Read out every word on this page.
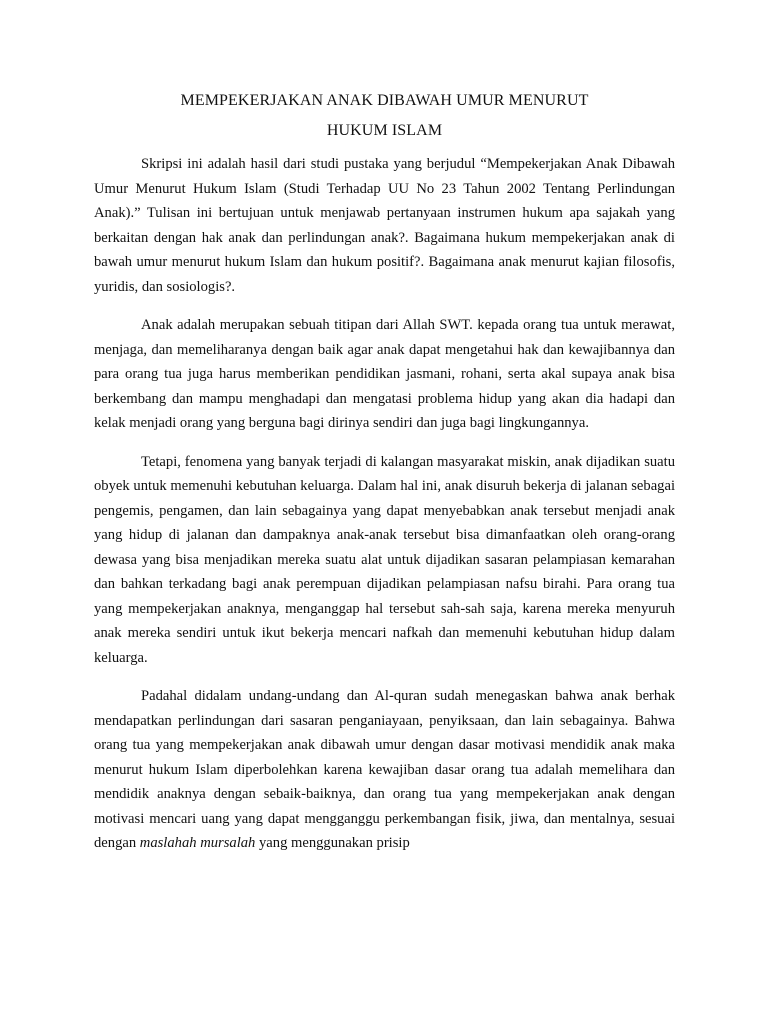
MEMPEKERJAKAN ANAK DIBAWAH UMUR MENURUT
HUKUM ISLAM

Skripsi ini adalah hasil dari studi pustaka yang berjudul “Mempekerjakan Anak Dibawah Umur Menurut Hukum Islam (Studi Terhadap UU No 23 Tahun 2002 Tentang Perlindungan Anak).” Tulisan ini bertujuan untuk menjawab pertanyaan instrumen hukum apa sajakah yang berkaitan dengan hak anak dan perlindungan anak?. Bagaimana hukum mempekerjakan anak di bawah umur menurut hukum Islam dan hukum positif?. Bagaimana anak menurut kajian filosofis, yuridis, dan sosiologis?.

Anak adalah merupakan sebuah titipan dari Allah SWT. kepada orang tua untuk merawat, menjaga, dan memeliharanya dengan baik agar anak dapat mengetahui hak dan kewajibannya dan para orang tua juga harus memberikan pendidikan jasmani, rohani, serta akal supaya anak bisa berkembang dan mampu menghadapi dan mengatasi problema hidup yang akan dia hadapi dan kelak menjadi orang yang berguna bagi dirinya sendiri dan juga bagi lingkungannya.

Tetapi, fenomena yang banyak terjadi di kalangan masyarakat miskin, anak dijadikan suatu obyek untuk memenuhi kebutuhan keluarga. Dalam hal ini, anak disuruh bekerja di jalanan sebagai pengemis, pengamen, dan lain sebagainya yang dapat menyebabkan anak tersebut menjadi anak yang hidup di jalanan dan dampaknya anak-anak tersebut bisa dimanfaatkan oleh orang-orang dewasa yang bisa menjadikan mereka suatu alat untuk dijadikan sasaran pelampiasan kemarahan dan bahkan terkadang bagi anak perempuan dijadikan pelampiasan nafsu birahi. Para orang tua yang mempekerjakan anaknya, menganggap hal tersebut sah-sah saja, karena mereka menyuruh anak mereka sendiri untuk ikut bekerja mencari nafkah dan memenuhi kebutuhan hidup dalam keluarga.

Padahal didalam undang-undang dan Al-quran sudah menegaskan bahwa anak berhak mendapatkan perlindungan dari sasaran penganiayaan, penyiksaan, dan lain sebagainya. Bahwa orang tua yang mempekerjakan anak dibawah umur dengan dasar motivasi mendidik anak maka menurut hukum Islam diperbolehkan karena kewajiban dasar orang tua adalah memelihara dan mendidik anaknya dengan sebaik-baiknya, dan orang tua yang mempekerjakan anak dengan motivasi mencari uang yang dapat mengganggu perkembangan fisik, jiwa, dan mentalnya, sesuai dengan maslahah mursalah yang menggunakan prisip
